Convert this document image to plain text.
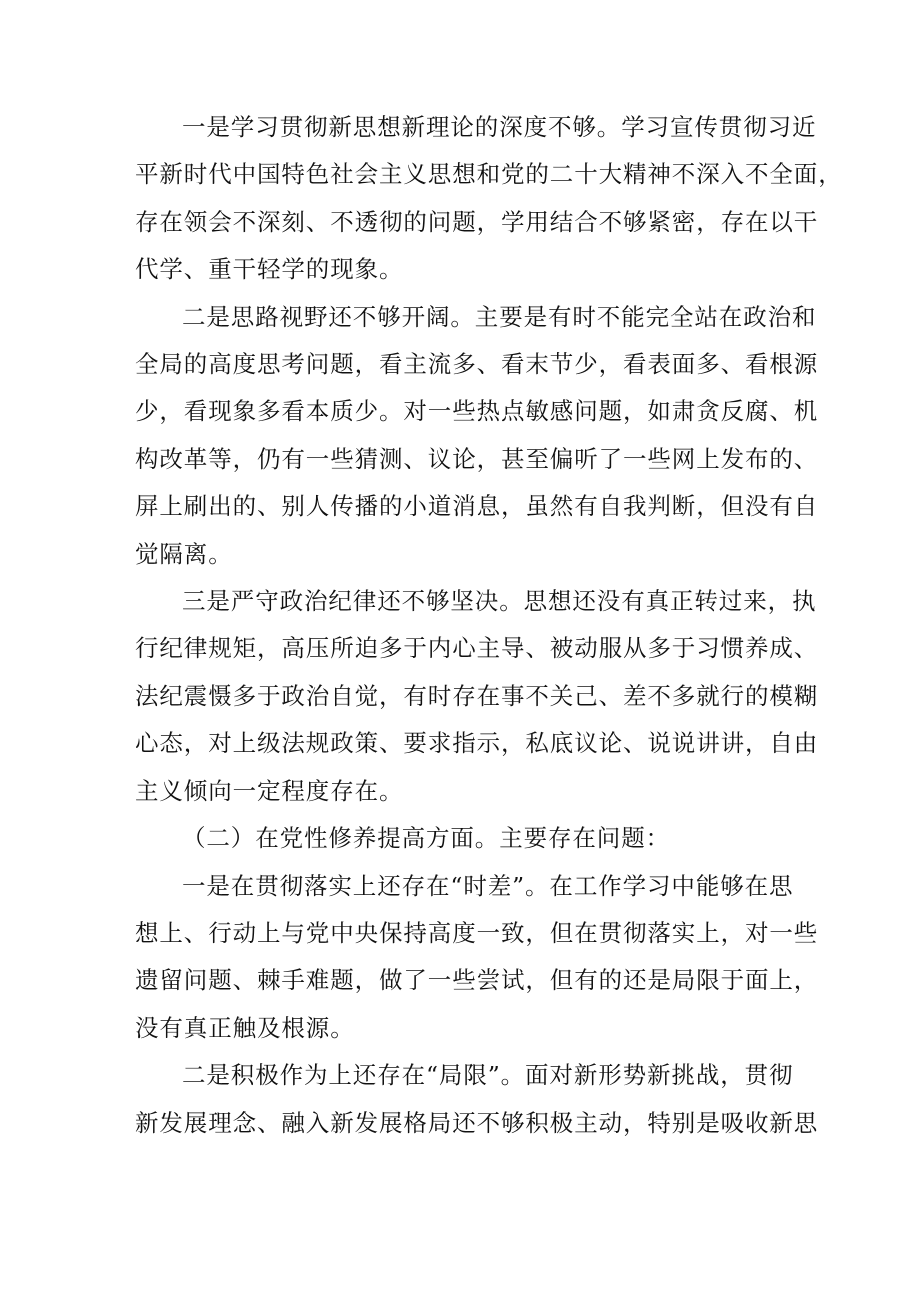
一是学习贯彻新思想新理论的深度不够。学习宣传贯彻习近
平新时代中国特色社会主义思想和党的二十大精神不深入不全面，
存在领会不深刻、不透彻的问题，学用结合不够紧密，存在以干
代学、重干轻学的现象。

二是思路视野还不够开阔。主要是有时不能完全站在政治和
全局的高度思考问题，看主流多、看末节少，看表面多、看根源
少，看现象多看本质少。对一些热点敏感问题，如肃贪反腐、机
构改革等，仍有一些猜测、议论，甚至偏听了一些网上发布的、
屏上刷出的、别人传播的小道消息，虽然有自我判断，但没有自
觉隔离。

三是严守政治纪律还不够坚决。思想还没有真正转过来，执
行纪律规矩，高压所迫多于内心主导、被动服从多于习惯养成、
法纪震慑多于政治自觉，有时存在事不关己、差不多就行的模糊
心态，对上级法规政策、要求指示，私底议论、说说讲讲，自由
主义倾向一定程度存在。

（二）在党性修养提高方面。主要存在问题：

一是在贯彻落实上还存在“时差”。在工作学习中能够在思
想上、行动上与党中央保持高度一致，但在贯彻落实上，对一些
遗留问题、棘手难题，做了一些尝试，但有的还是局限于面上，
没有真正触及根源。

二是积极作为上还存在“局限”。面对新形势新挑战，贯彻
新发展理念、融入新发展格局还不够积极主动，特别是吸收新思
